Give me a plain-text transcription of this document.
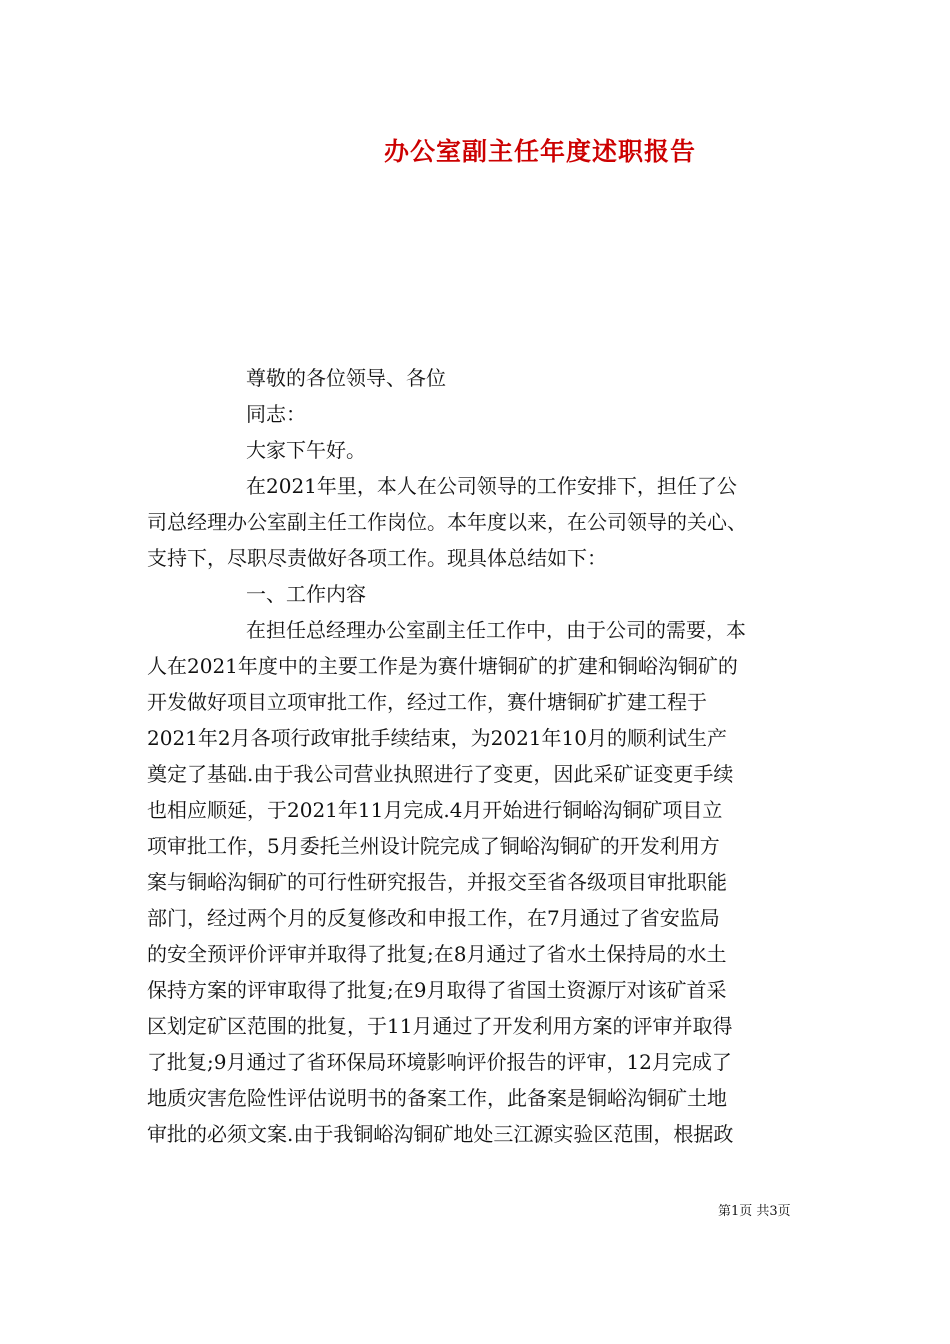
办公室副主任年度述职报告
尊敬的各位领导、各位
同志：
大家下午好。
在2021年里，本人在公司领导的工作安排下，担任了公
司总经理办公室副主任工作岗位。本年度以来，在公司领导的关心、
支持下，尽职尽责做好各项工作。现具体总结如下：
一、工作内容
在担任总经理办公室副主任工作中，由于公司的需要，本
人在2021年度中的主要工作是为赛什塘铜矿的扩建和铜峪沟铜矿的
开发做好项目立项审批工作，经过工作，赛什塘铜矿扩建工程于
2021年2月各项行政审批手续结束，为2021年10月的顺利试生产
奠定了基础.由于我公司营业执照进行了变更，因此采矿证变更手续
也相应顺延，于2021年11月完成.4月开始进行铜峪沟铜矿项目立
项审批工作，5月委托兰州设计院完成了铜峪沟铜矿的开发利用方
案与铜峪沟铜矿的可行性研究报告，并报交至省各级项目审批职能
部门，经过两个月的反复修改和申报工作，在7月通过了省安监局
的安全预评价评审并取得了批复;在8月通过了省水土保持局的水土
保持方案的评审取得了批复;在9月取得了省国土资源厅对该矿首采
区划定矿区范围的批复，于11月通过了开发利用方案的评审并取得
了批复;9月通过了省环保局环境影响评价报告的评审，12月完成了
地质灾害危险性评估说明书的备案工作，此备案是铜峪沟铜矿土地
审批的必须文案.由于我铜峪沟铜矿地处三江源实验区范围，根据政
第1页 共3页
